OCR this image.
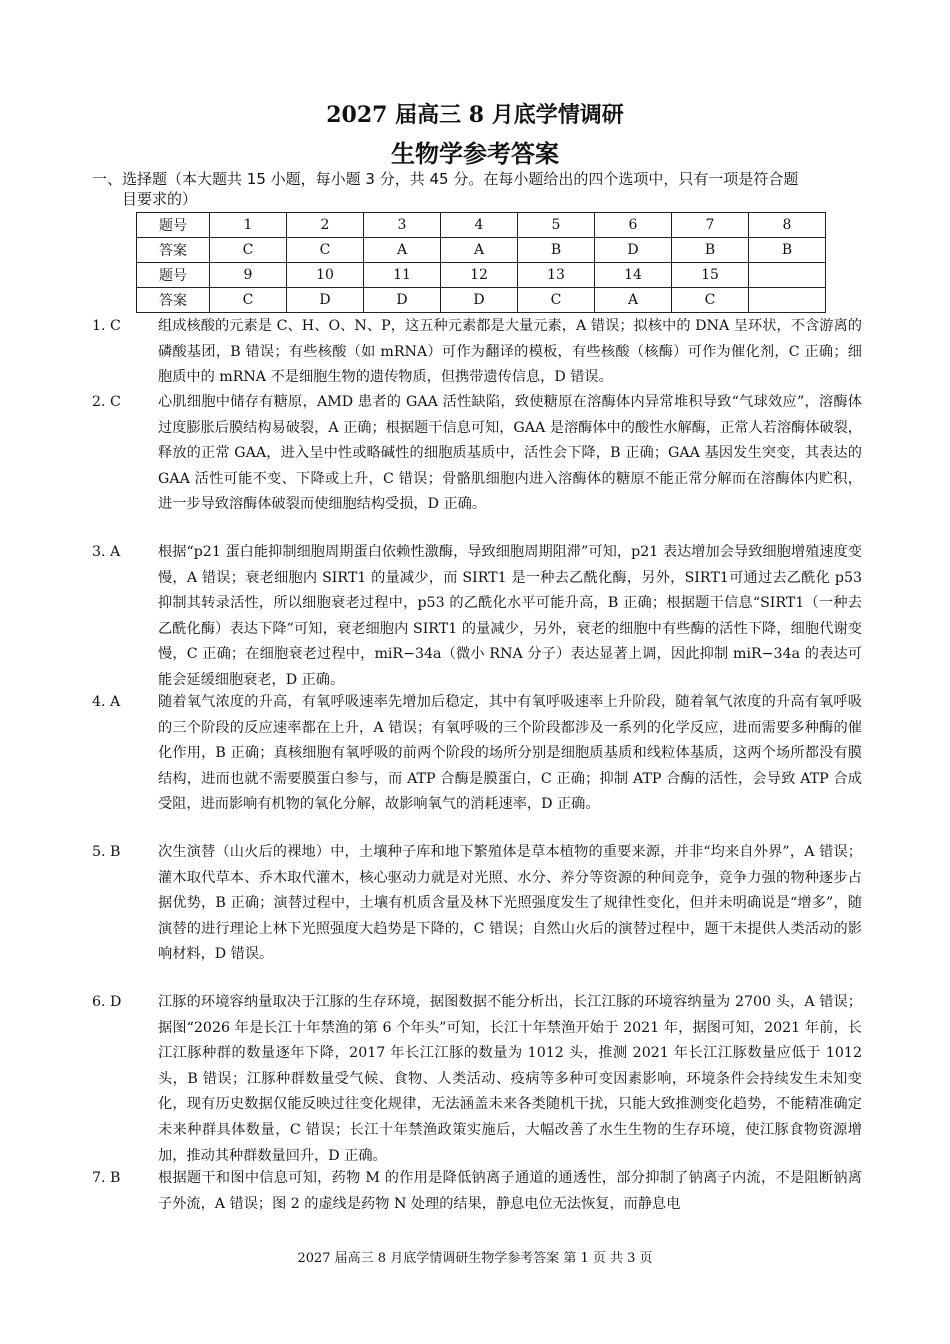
2027 届高三 8 月底学情调研
生物学参考答案
一、选择题（本大题共 15 小题，每小题 3 分，共 45 分。在每小题给出的四个选项中，只有一项是符合题
目要求的）
题号	1	2	3	4	5	6	7	8
答案	C	C	A	A	B	D	B	B
题号	9	10	11	12	13	14	15	
答案	C	D	D	D	C	A	C	
1. C	组成核酸的元素是 C、H、O、N、P，这五种元素都是大量元素，A 错误；拟核中的 DNA 呈环状，不含游离的磷酸基团，B 错误；有些核酸（如 mRNA）可作为翻译的模板，有些核酸（核酶）可作为催化剂，C 正确；细胞质中的 mRNA 不是细胞生物的遗传物质，但携带遗传信息，D 错误。
2. C	心肌细胞中储存有糖原，AMD 患者的 GAA 活性缺陷，致使糖原在溶酶体内异常堆积导致“气球效应”，溶酶体过度膨胀后膜结构易破裂，A 正确；根据题干信息可知，GAA 是溶酶体中的酸性水解酶，正常人若溶酶体破裂，释放的正常 GAA，进入呈中性或略碱性的细胞质基质中，活性会下降，B 正确；GAA 基因发生突变，其表达的 GAA 活性可能不变、下降或上升，C 错误；骨骼肌细胞内进入溶酶体的糖原不能正常分解而在溶酶体内贮积，进一步导致溶酶体破裂而使细胞结构受损，D 正确。
3. A	根据“p21 蛋白能抑制细胞周期蛋白依赖性激酶，导致细胞周期阻滞”可知，p21 表达增加会导致细胞增殖速度变慢，A 错误；衰老细胞内 SIRT1 的量减少，而 SIRT1 是一种去乙酰化酶，另外，SIRT1可通过去乙酰化 p53 抑制其转录活性，所以细胞衰老过程中，p53 的乙酰化水平可能升高，B 正确；根据题干信息“SIRT1（一种去乙酰化酶）表达下降”可知，衰老细胞内 SIRT1 的量减少，另外，衰老的细胞中有些酶的活性下降，细胞代谢变慢，C 正确；在细胞衰老过程中，miR−34a（微小 RNA 分子）表达显著上调，因此抑制 miR−34a 的表达可能会延缓细胞衰老，D 正确。
4. A	随着氧气浓度的升高，有氧呼吸速率先增加后稳定，其中有氧呼吸速率上升阶段，随着氧气浓度的升高有氧呼吸的三个阶段的反应速率都在上升，A 错误；有氧呼吸的三个阶段都涉及一系列的化学反应，进而需要多种酶的催化作用，B 正确；真核细胞有氧呼吸的前两个阶段的场所分别是细胞质基质和线粒体基质，这两个场所都没有膜结构，进而也就不需要膜蛋白参与，而 ATP 合酶是膜蛋白，C 正确；抑制 ATP 合酶的活性，会导致 ATP 合成受阻，进而影响有机物的氧化分解，故影响氧气的消耗速率，D 正确。
5. B	次生演替（山火后的裸地）中，土壤种子库和地下繁殖体是草本植物的重要来源，并非“均来自外界”，A 错误；灌木取代草本、乔木取代灌木，核心驱动力就是对光照、水分、养分等资源的种间竞争，竞争力强的物种逐步占据优势，B 正确；演替过程中，土壤有机质含量及林下光照强度发生了规律性变化，但并未明确说是“增多”，随演替的进行理论上林下光照强度大趋势是下降的，C 错误；自然山火后的演替过程中，题干未提供人类活动的影响材料，D 错误。
6. D	江豚的环境容纳量取决于江豚的生存环境，据图数据不能分析出，长江江豚的环境容纳量为 2700 头，A 错误；据图“2026 年是长江十年禁渔的第 6 个年头”可知，长江十年禁渔开始于 2021 年，据图可知，2021 年前，长江江豚种群的数量逐年下降，2017 年长江江豚的数量为 1012 头，推测 2021 年长江江豚数量应低于 1012 头，B 错误；江豚种群数量受气候、食物、人类活动、疫病等多种可变因素影响，环境条件会持续发生未知变化，现有历史数据仅能反映过往变化规律，无法涵盖未来各类随机干扰，只能大致推测变化趋势，不能精准确定未来种群具体数量，C 错误；长江十年禁渔政策实施后，大幅改善了水生生物的生存环境，使江豚食物资源增加，推动其种群数量回升，D 正确。
7. B	根据题干和图中信息可知，药物 M 的作用是降低钠离子通道的通透性，部分抑制了钠离子内流，不是阻断钠离子外流，A 错误；图 2 的虚线是药物 N 处理的结果，静息电位无法恢复，而静息电
2027 届高三 8 月底学情调研生物学参考答案 第 1 页 共 3 页
